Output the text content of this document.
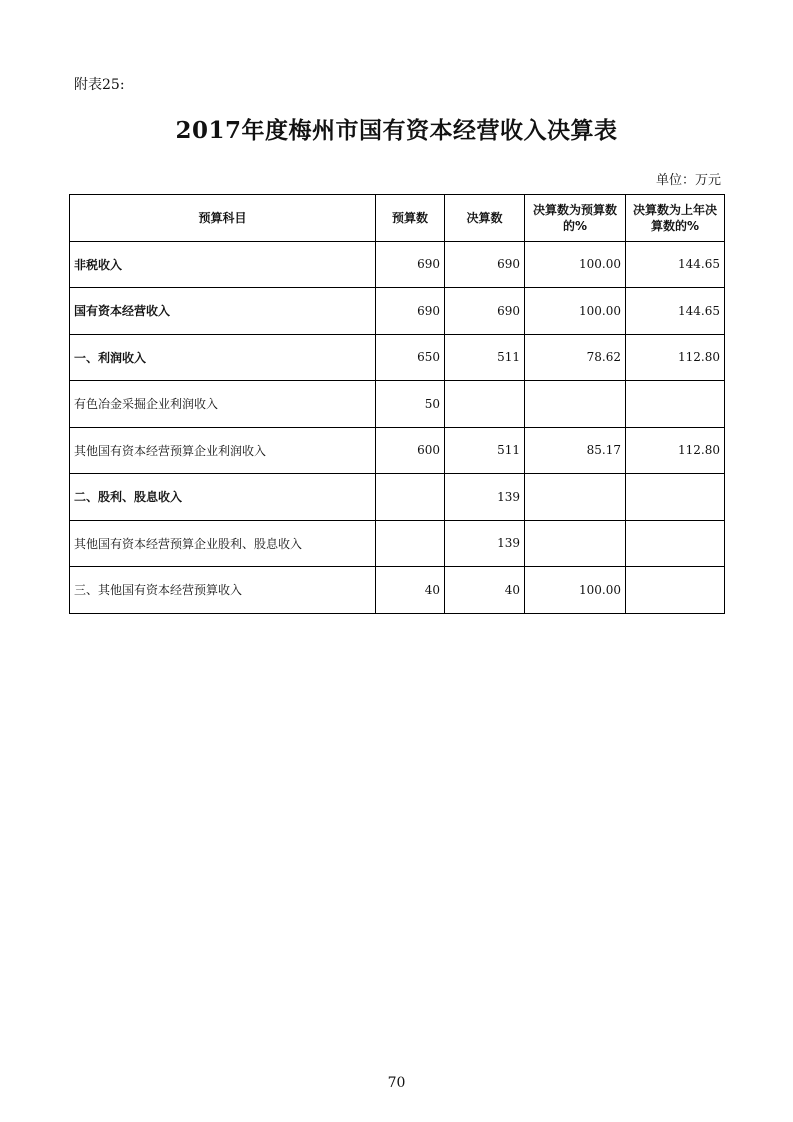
附表25:
2017年度梅州市国有资本经营收入决算表
单位：万元
预算科目	预算数	决算数	决算数为预算数的%	决算数为上年决算数的%
非税收入	690	690	100.00	144.65
国有资本经营收入	690	690	100.00	144.65
一、利润收入	650	511	78.62	112.80
有色冶金采掘企业利润收入	50			
其他国有资本经营预算企业利润收入	600	511	85.17	112.80
二、股利、股息收入		139		
其他国有资本经营预算企业股利、股息收入		139		
三、其他国有资本经营预算收入	40	40	100.00	
70
